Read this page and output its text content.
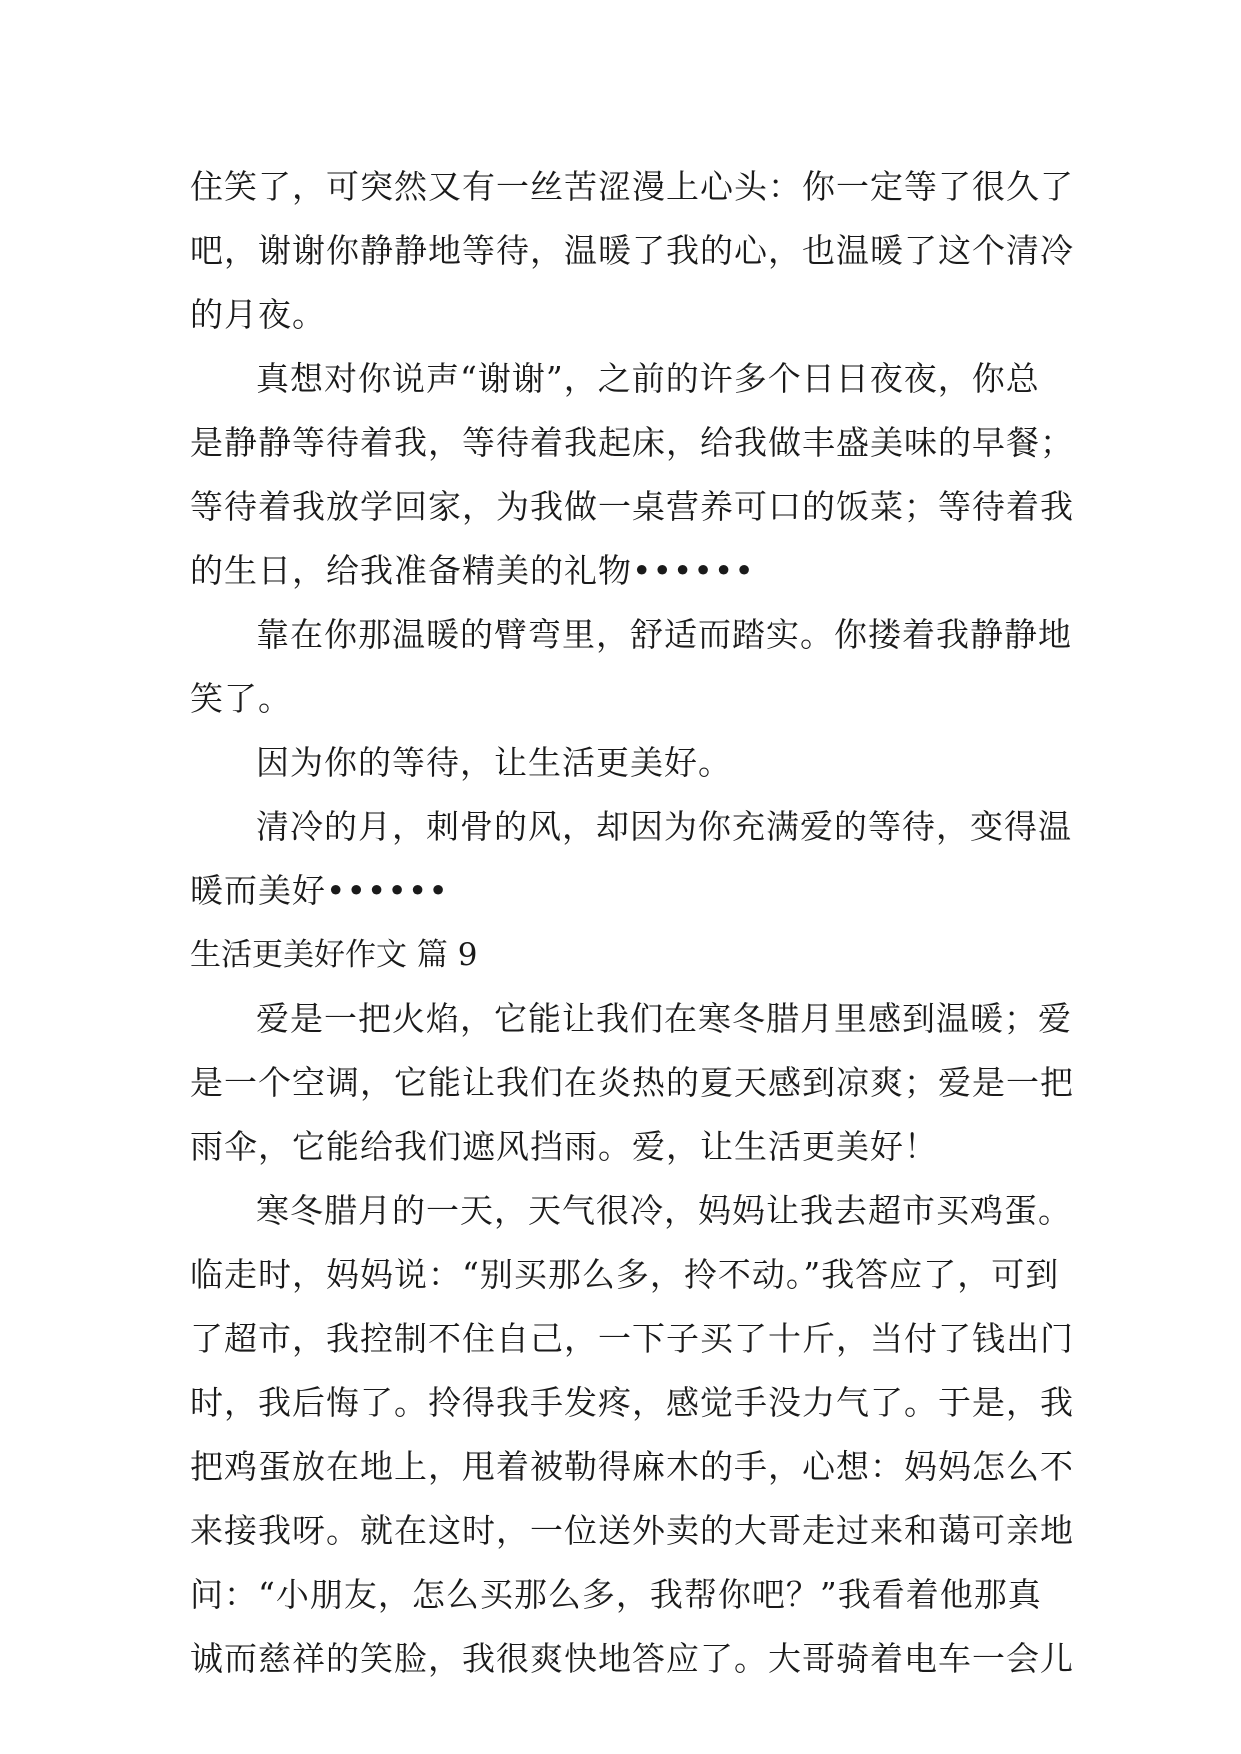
住笑了，可突然又有一丝苦涩漫上心头：你一定等了很久了
吧，谢谢你静静地等待，温暖了我的心，也温暖了这个清冷
的月夜。
真想对你说声“谢谢”，之前的许多个日日夜夜，你总
是静静等待着我，等待着我起床，给我做丰盛美味的早餐；
等待着我放学回家，为我做一桌营养可口的饭菜；等待着我
的生日，给我准备精美的礼物••••••
靠在你那温暖的臂弯里，舒适而踏实。你搂着我静静地
笑了。
因为你的等待，让生活更美好。
清冷的月，刺骨的风，却因为你充满爱的等待，变得温
暖而美好••••••
生活更美好作文 篇 9
爱是一把火焰，它能让我们在寒冬腊月里感到温暖；爱
是一个空调，它能让我们在炎热的夏天感到凉爽；爱是一把
雨伞，它能给我们遮风挡雨。爱，让生活更美好！
寒冬腊月的一天，天气很冷，妈妈让我去超市买鸡蛋。
临走时，妈妈说：“别买那么多，拎不动。”我答应了，可到
了超市，我控制不住自己，一下子买了十斤，当付了钱出门
时，我后悔了。拎得我手发疼，感觉手没力气了。于是，我
把鸡蛋放在地上，甩着被勒得麻木的手，心想：妈妈怎么不
来接我呀。就在这时，一位送外卖的大哥走过来和蔼可亲地
问：“小朋友，怎么买那么多，我帮你吧？”我看着他那真
诚而慈祥的笑脸，我很爽快地答应了。大哥骑着电车一会儿
